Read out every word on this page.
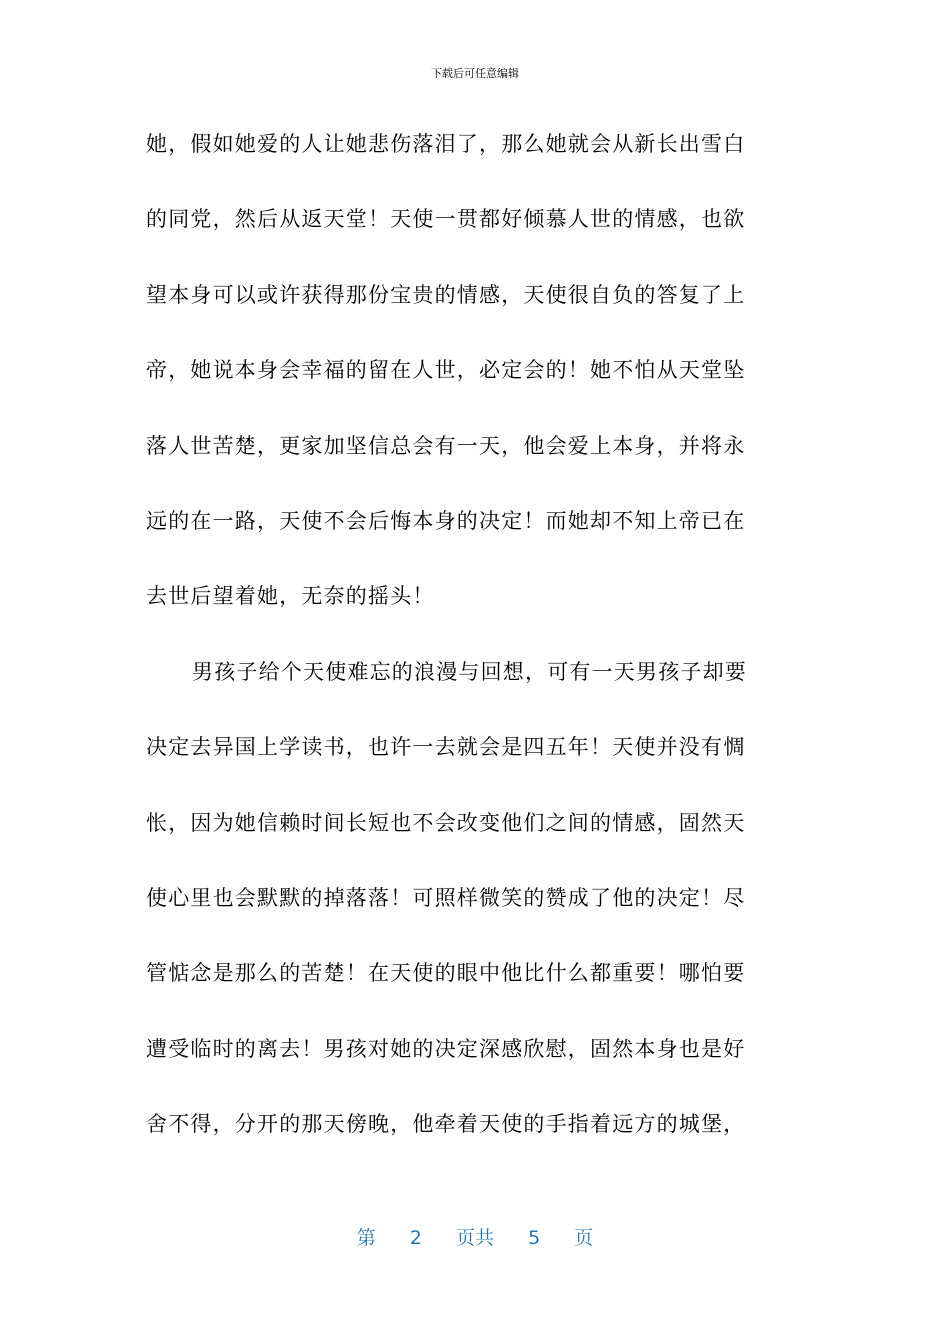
下载后可任意编辑
她，假如她爱的人让她悲伤落泪了，那么她就会从新长出雪白
的同党，然后从返天堂！天使一贯都好倾慕人世的情感，也欲
望本身可以或许获得那份宝贵的情感，天使很自负的答复了上
帝，她说本身会幸福的留在人世，必定会的！她不怕从天堂坠
落人世苦楚，更家加坚信总会有一天，他会爱上本身，并将永
远的在一路，天使不会后悔本身的决定！而她却不知上帝已在
去世后望着她，无奈的摇头！
男孩子给个天使难忘的浪漫与回想，可有一天男孩子却要
决定去异国上学读书，也许一去就会是四五年！天使并没有惆
怅，因为她信赖时间长短也不会改变他们之间的情感，固然天
使心里也会默默的掉落落！可照样微笑的赞成了他的决定！尽
管惦念是那么的苦楚！在天使的眼中他比什么都重要！哪怕要
遭受临时的离去！男孩对她的决定深感欣慰，固然本身也是好
舍不得，分开的那天傍晚，他牵着天使的手指着远方的城堡，
第 2 页共 5 页
